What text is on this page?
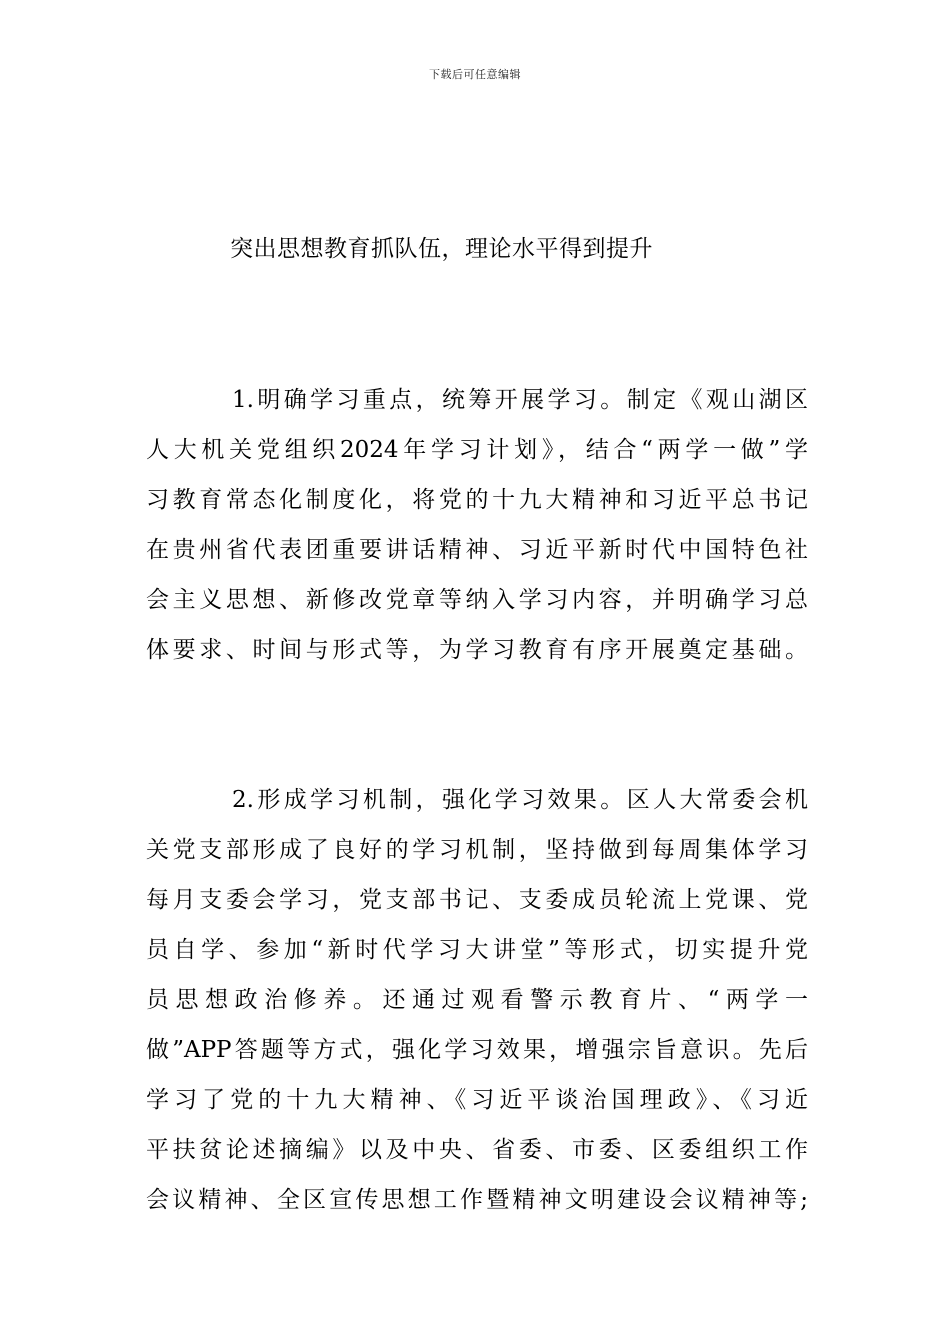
下载后可任意编辑
突出思想教育抓队伍，理论水平得到提升
1.明确学习重点，统筹开展学习。制定《观山湖区
人大机关党组织2024年学习计划》，结合“两学一做”学
习教育常态化制度化，将党的十九大精神和习近平总书记
在贵州省代表团重要讲话精神、习近平新时代中国特色社
会主义思想、新修改党章等纳入学习内容，并明确学习总
体要求、时间与形式等，为学习教育有序开展奠定基础。
2.形成学习机制，强化学习效果。区人大常委会机
关党支部形成了良好的学习机制，坚持做到每周集体学习
每月支委会学习，党支部书记、支委成员轮流上党课、党
员自学、参加“新时代学习大讲堂”等形式，切实提升党
员思想政治修养。还通过观看警示教育片、“两学一
做”APP答题等方式，强化学习效果，增强宗旨意识。先后
学习了党的十九大精神、《习近平谈治国理政》、《习近
平扶贫论述摘编》以及中央、省委、市委、区委组织工作
会议精神、全区宣传思想工作暨精神文明建设会议精神等;
